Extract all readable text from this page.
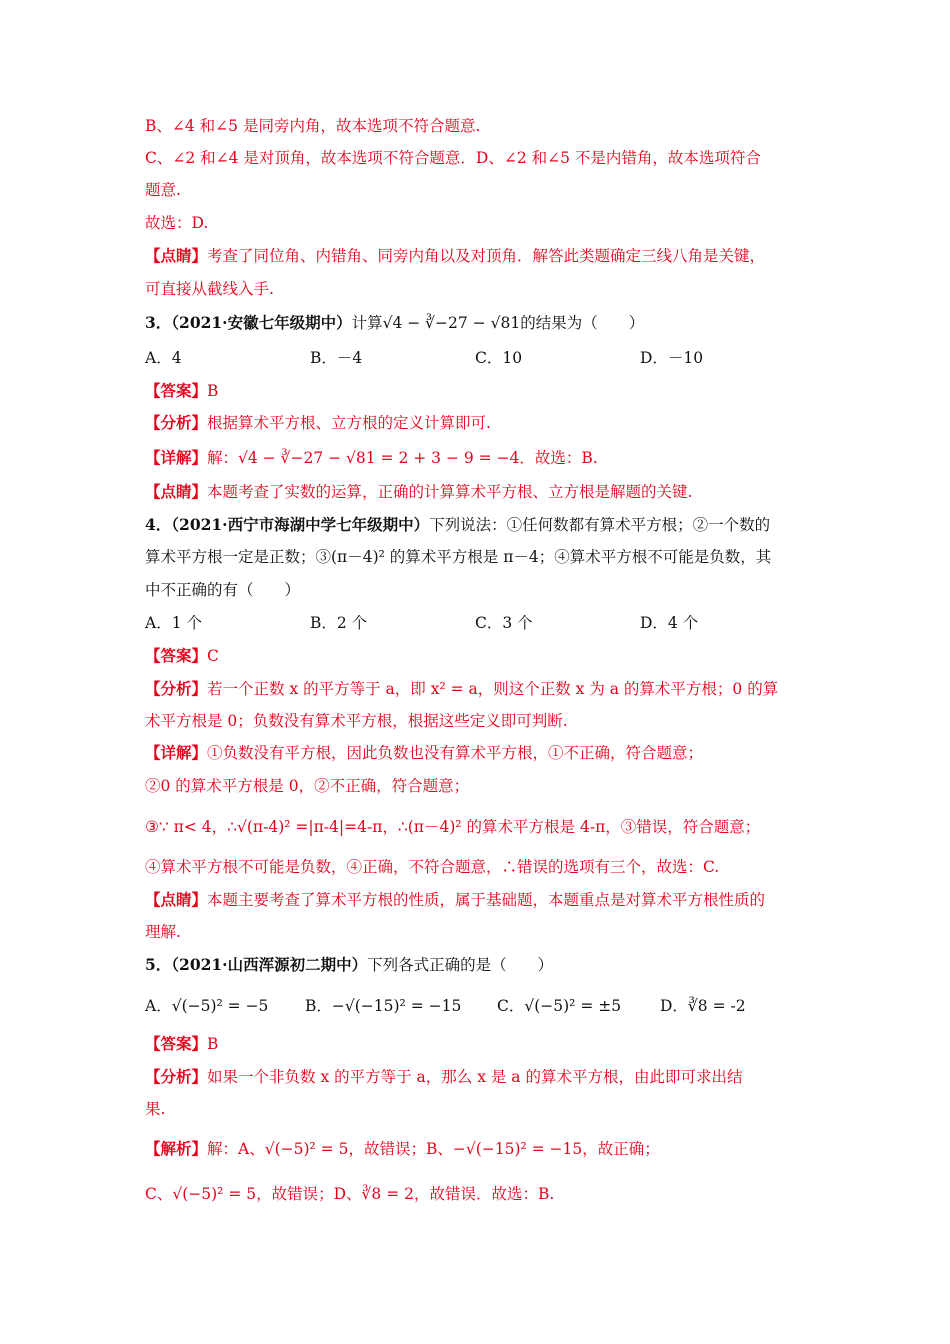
B、∠4 和∠5 是同旁内角，故本选项不符合题意.
C、∠2 和∠4 是对顶角，故本选项不符合题意．D、∠2 和∠5 不是内错角，故本选项符合
题意.
故选：D.
【点睛】考查了同位角、内错角、同旁内角以及对顶角．解答此类题确定三线八角是关键，
可直接从截线入手.
3．（2021·安徽七年级期中）计算√4 − ∛−27 − √81的结果为（　　）
A．4	B．－4	C．10	D．－10
【答案】B
【分析】根据算术平方根、立方根的定义计算即可.
【详解】解：√4 − ∛−27 − √81 = 2 + 3 − 9 = −4．故选：B.
【点睛】本题考查了实数的运算，正确的计算算术平方根、立方根是解题的关键.
4．（2021·西宁市海湖中学七年级期中）下列说法：①任何数都有算术平方根；②一个数的
算术平方根一定是正数；③(π－4)² 的算术平方根是 π－4；④算术平方根不可能是负数，其
中不正确的有（　　）
A．1 个	B．2 个	C．3 个	D．4 个
【答案】C
【分析】若一个正数 x 的平方等于 a，即 x² = a，则这个正数 x 为 a 的算术平方根；0 的算
术平方根是 0；负数没有算术平方根，根据这些定义即可判断.
【详解】①负数没有平方根，因此负数也没有算术平方根，①不正确，符合题意；
②0 的算术平方根是 0，②不正确，符合题意；
③∵ π< 4，∴√(π-4)² =|π-4|=4-π，∴(π－4)² 的算术平方根是 4-π，③错误，符合题意；
④算术平方根不可能是负数，④正确，不符合题意，∴错误的选项有三个，故选：C.
【点睛】本题主要考查了算术平方根的性质，属于基础题，本题重点是对算术平方根性质的
理解.
5．（2021·山西浑源初二期中）下列各式正确的是（　　）
A．√(−5)² = −5 B．−√(−15)² = −15 C．√(−5)² = ±5	D．∛8 = -2
【答案】B
【分析】如果一个非负数 x 的平方等于 a，那么 x 是 a 的算术平方根，由此即可求出结
果.
【解析】解：A、√(−5)² = 5，故错误；B、−√(−15)² = −15，故正确；
C、√(−5)² = 5，故错误；D、∛8 = 2，故错误．故选：B.
